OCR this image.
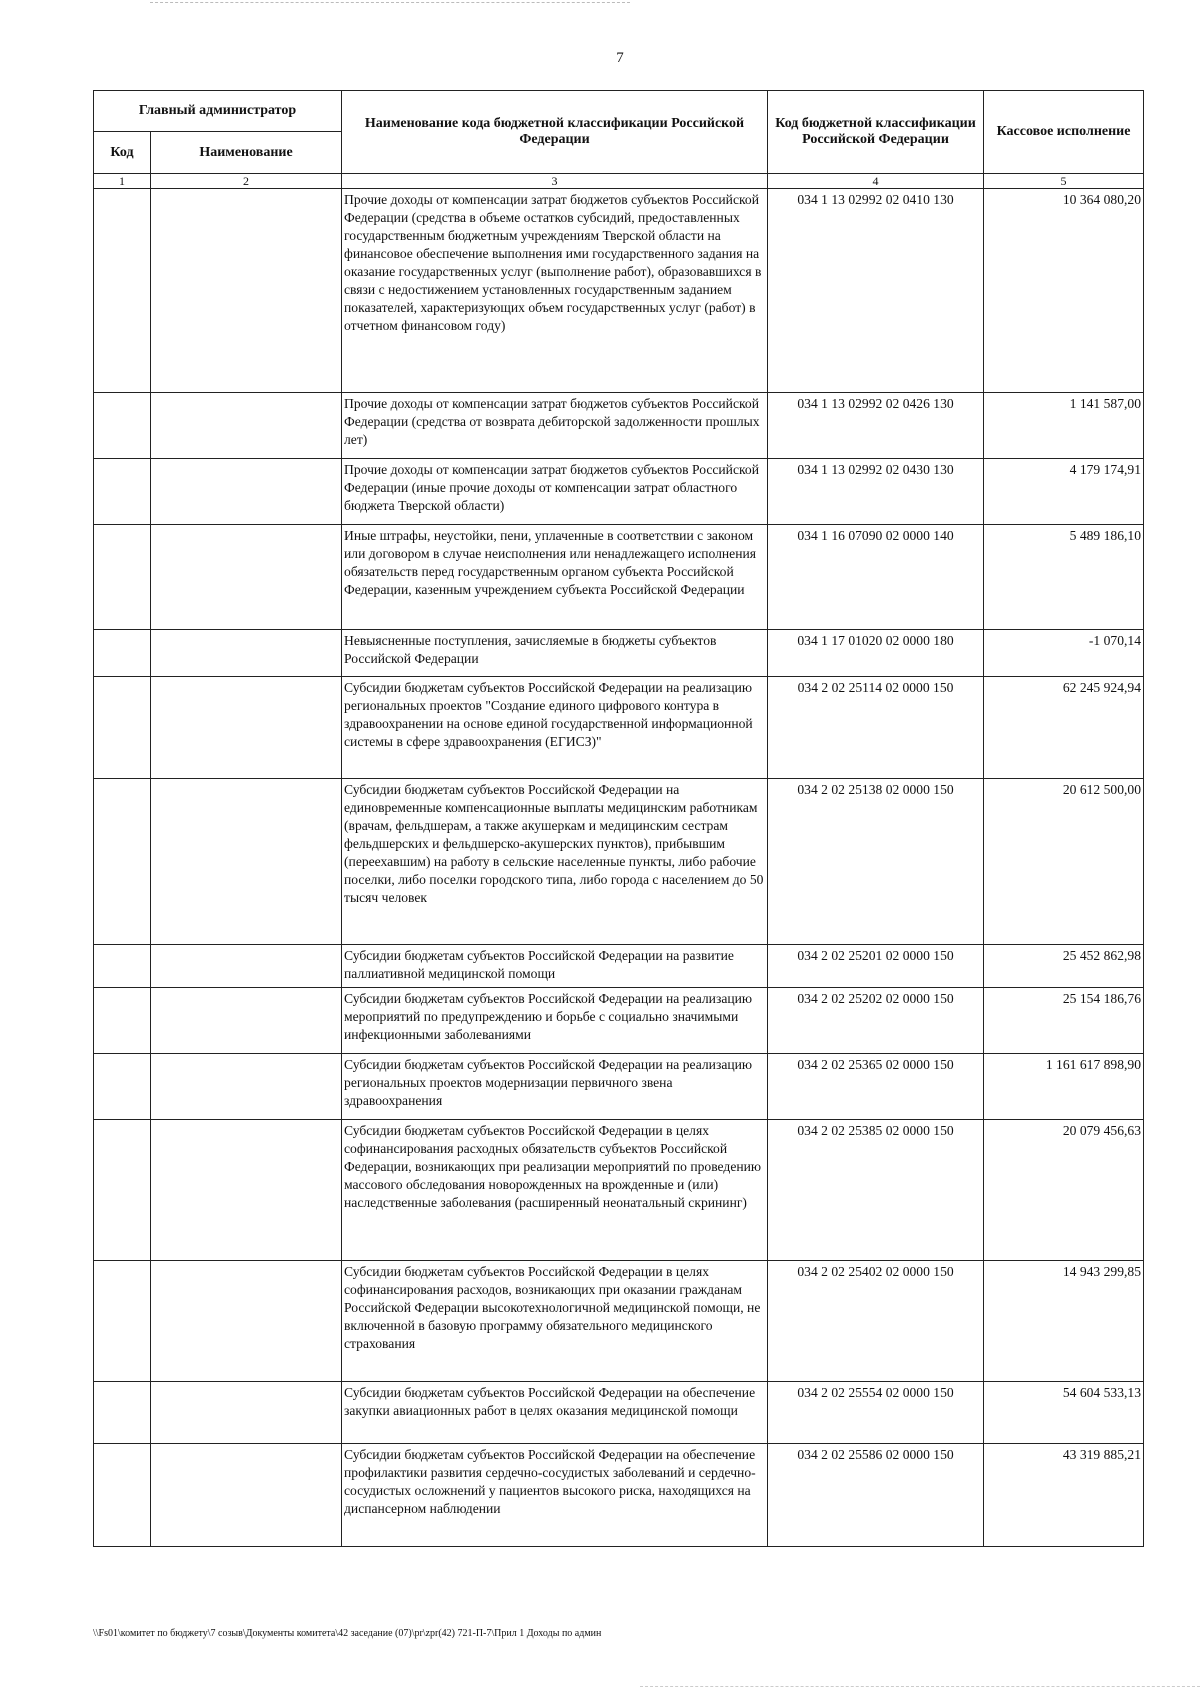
7
Главный администратор		Наименование кода бюджетной классификации Российской Федерации	Код бюджетной классификации Российской Федерации	Кассовое исполнение
Код	Наименование			
1	2	3	4	5
		Прочие доходы от компенсации затрат бюджетов субъектов Российской Федерации (средства в объеме остатков субсидий, предоставленных государственным бюджетным учреждениям Тверской области на финансовое обеспечение выполнения ими государственного задания на оказание государственных услуг (выполнение работ), образовавшихся в связи с недостижением установленных государственным заданием показателей, характеризующих объем государственных услуг (работ) в отчетном финансовом году)	034 1 13 02992 02 0410 130	10 364 080,20
		Прочие доходы от компенсации затрат бюджетов субъектов Российской Федерации (средства от возврата дебиторской задолженности прошлых лет)	034 1 13 02992 02 0426 130	1 141 587,00
		Прочие доходы от компенсации затрат бюджетов субъектов Российской Федерации (иные прочие доходы от компенсации затрат областного бюджета Тверской области)	034 1 13 02992 02 0430 130	4 179 174,91
		Иные штрафы, неустойки, пени, уплаченные в соответствии с законом или договором в случае неисполнения или ненадлежащего исполнения обязательств перед государственным органом субъекта Российской Федерации, казенным учреждением субъекта Российской Федерации	034 1 16 07090 02 0000 140	5 489 186,10
		Невыясненные поступления, зачисляемые в бюджеты субъектов Российской Федерации	034 1 17 01020 02 0000 180	-1 070,14
		Субсидии бюджетам субъектов Российской Федерации на реализацию региональных проектов "Создание единого цифрового контура в здравоохранении на основе единой государственной информационной системы в сфере здравоохранения (ЕГИСЗ)"	034 2 02 25114 02 0000 150	62 245 924,94
		Субсидии бюджетам субъектов Российской Федерации на единовременные компенсационные выплаты медицинским работникам (врачам, фельдшерам, а также акушеркам и медицинским сестрам фельдшерских и фельдшерско-акушерских пунктов), прибывшим (переехавшим) на работу в сельские населенные пункты, либо рабочие поселки, либо поселки городского типа, либо города с населением до 50 тысяч человек	034 2 02 25138 02 0000 150	20 612 500,00
		Субсидии бюджетам субъектов Российской Федерации на развитие паллиативной медицинской помощи	034 2 02 25201 02 0000 150	25 452 862,98
		Субсидии бюджетам субъектов Российской Федерации на реализацию мероприятий по предупреждению и борьбе с социально значимыми инфекционными заболеваниями	034 2 02 25202 02 0000 150	25 154 186,76
		Субсидии бюджетам субъектов Российской Федерации на реализацию региональных проектов модернизации первичного звена здравоохранения	034 2 02 25365 02 0000 150	1 161 617 898,90
		Субсидии бюджетам субъектов Российской Федерации в целях софинансирования расходных обязательств субъектов Российской Федерации, возникающих при реализации мероприятий по проведению массового обследования новорожденных на врожденные и (или) наследственные заболевания (расширенный неонатальный скрининг)	034 2 02 25385 02 0000 150	20 079 456,63
		Субсидии бюджетам субъектов Российской Федерации в целях софинансирования расходов, возникающих при оказании гражданам Российской Федерации высокотехнологичной медицинской помощи, не включенной в базовую программу обязательного медицинского страхования	034 2 02 25402 02 0000 150	14 943 299,85
		Субсидии бюджетам субъектов Российской Федерации на обеспечение закупки авиационных работ в целях оказания медицинской помощи	034 2 02 25554 02 0000 150	54 604 533,13
		Субсидии бюджетам субъектов Российской Федерации на обеспечение профилактики развития сердечно-сосудистых заболеваний и сердечно-сосудистых осложнений у пациентов высокого риска, находящихся на диспансерном наблюдении	034 2 02 25586 02 0000 150	43 319 885,21
\\Fs01\комитет по бюджету\7 созыв\Документы комитета\42 заседание (07)\pr\zpr(42) 721-П-7\Прил 1 Доходы по админ
